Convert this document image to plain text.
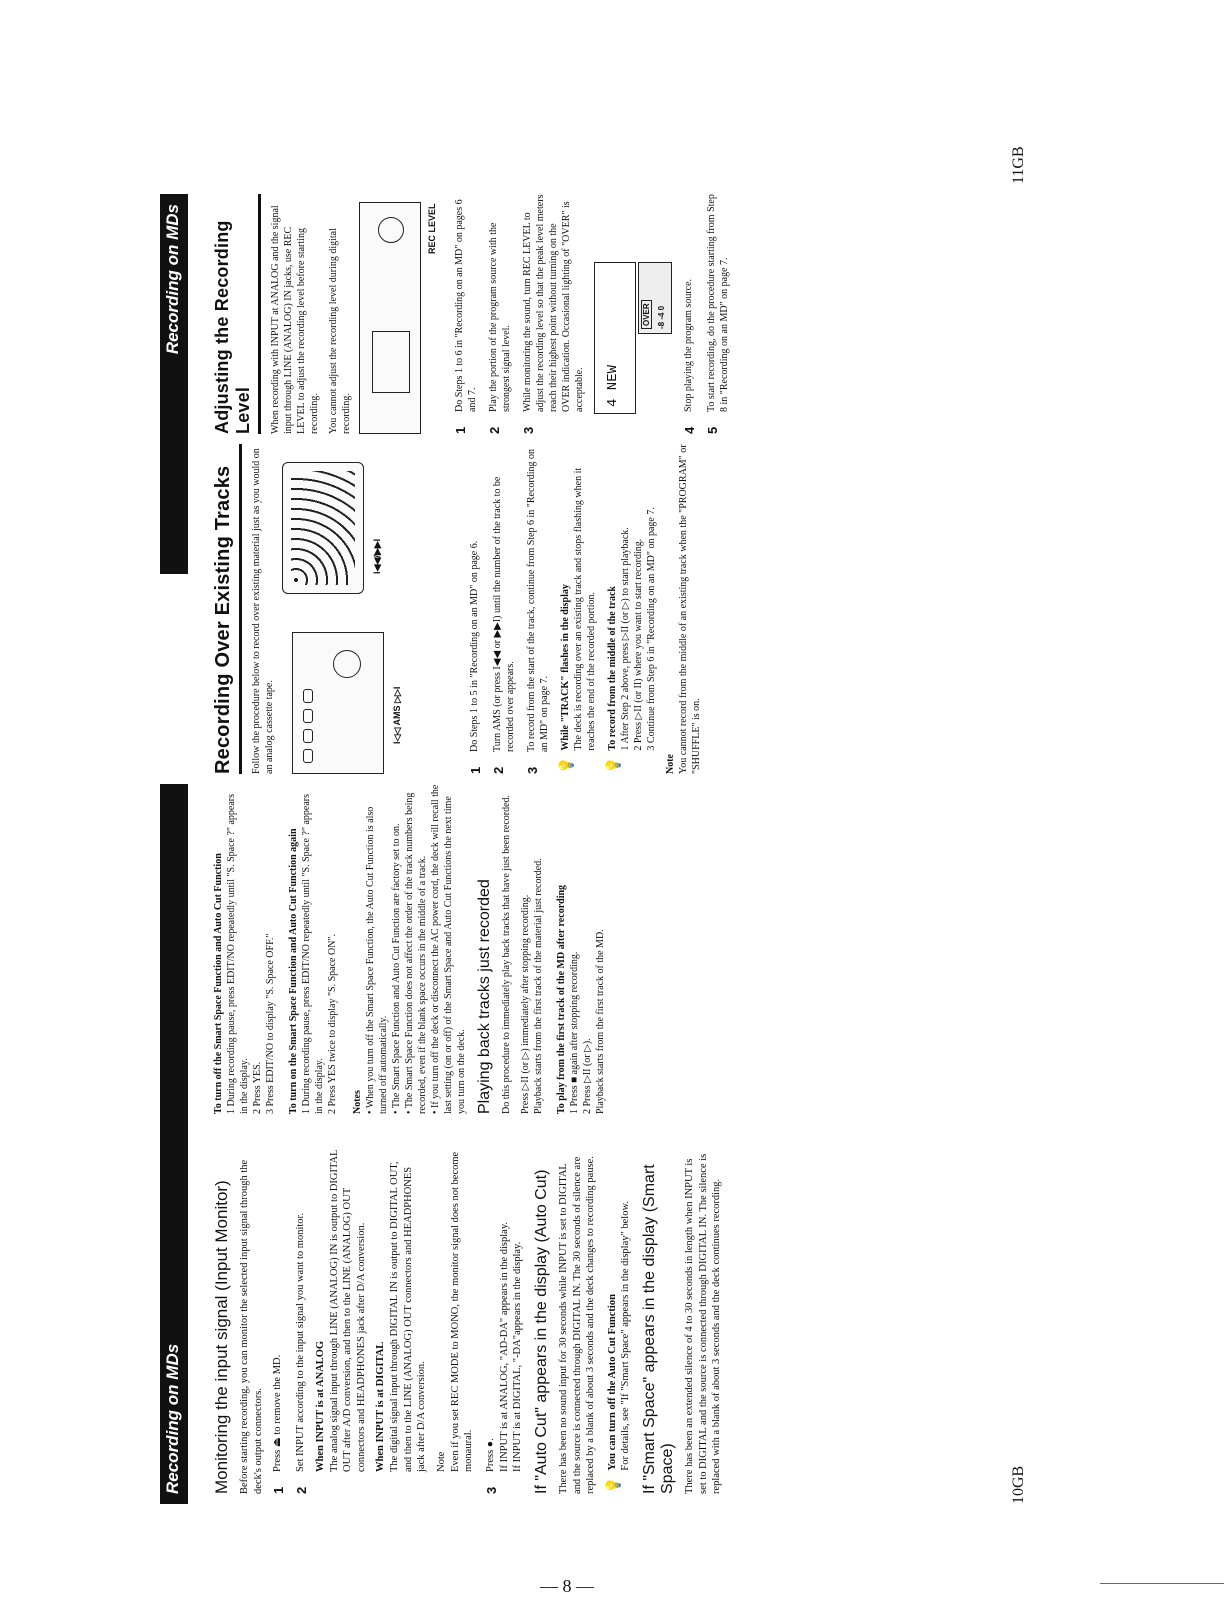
Recording on MDs
Recording on MDs
10GB
11GB
Monitoring the input signal (Input Monitor) Before starting recording, you can monitor the selected input signal through the deck's output connectors. 1
Press ⏏ to remove the MD.
2
Set INPUT according to the input signal you want to monitor. When INPUT is at ANALOG The analog signal input through LINE (ANALOG) IN is output to DIGITAL OUT after A/D conversion, and then to the LINE (ANALOG) OUT connectors and HEADPHONES jack after D/A conversion. When INPUT is at DIGITAL The digital signal input through DIGITAL IN is output to DIGITAL OUT, and then to the LINE (ANALOG) OUT connectors and HEADPHONES jack after D/A conversion. Note Even if you set REC MODE to MONO, the monitor signal does not become monaural.
3
Press ●. If INPUT is at ANALOG, "AD-DA" appears in the display. If INPUT is at DIGITAL, "-DA"appears in the display. If "Auto Cut" appears in the display (Auto Cut) There has been no sound input for 30 seconds while INPUT is set to DIGITAL and the source is connected through DIGITAL IN. The 30 seconds of silence are replaced by a blank of about 3 seconds and the deck changes to recording pause. 💡
You can turn off the Auto Cut Function For details, see "If "Smart Space" appears in the display" below. If "Smart Space" appears in the display (Smart Space) There has been an extended silence of 4 to 30 seconds in length when INPUT is set to DIGITAL and the source is connected through DIGITAL IN. The silence is replaced with a blank of about 3 seconds and the deck continues recording.

To turn off the Smart Space Function and Auto Cut Function 1 During recording pause, press EDIT/NO repeatedly until "S. Space ?" appears in the display. 2 Press YES. 3 Press EDIT/NO to display "S. Space OFF." To turn on the Smart Space Function and Auto Cut Function again 1 During recording pause, press EDIT/NO repeatedly until "S. Space ?" appears in the display. 2 Press YES twice to display "S. Space ON". Notes • When you turn off the Smart Space Function, the Auto Cut Function is also turned off automatically. • The Smart Space Function and Auto Cut Function are factory set to on. • The Smart Space Function does not affect the order of the track numbers being recorded, even if the blank space occurs in the middle of a track. • If you turn off the deck or disconnect the AC power cord, the deck will recall the last setting (on or off) of the Smart Space and Auto Cut Functions the next time you turn on the deck. Playing back tracks just recorded Do this procedure to immediately play back tracks that have just been recorded. Press ▷II (or ▷) immediately after stopping recording. Playback starts from the first track of the material just recorded. To play from the first track of the MD after recording 1 Press ■ again after stopping recording. 2 Press ▷II (or ▷). Playback starts from the first track of the MD.
Recording Over Existing Tracks	Follow the procedure below to record over existing material just as you would on an analog cassette tape.	I◁◁ AMS ▷▷I
I◀◀/▶▶I
1
Do Steps 1 to 5 in "Recording on an MD" on page 6.
2
Turn AMS (or press I◀◀ or ▶▶I) until the number of the track to be recorded over appears.
3
To record from the start of the track, continue from Step 6 in "Recording on an MD" on page 7.
💡
While "TRACK" flashes in the display The deck is recording over an existing track and stops flashing when it reaches the end of the recorded portion.
💡
To record from the middle of the track 1 After Step 2 above, press ▷II (or ▷) to start playback. 2 Press ▷II (or II) where you want to start recording. 3 Continue from Step 6 in "Recording on an MD" on page 7.
Note You cannot record from the middle of an existing track when the "PROGRAM" or "SHUFFLE" is on.
Adjusting the Recording Level	When recording with INPUT at ANALOG and the signal input through LINE (ANALOG) IN jacks, use REC LEVEL to adjust the recording level before starting recording. You cannot adjust the recording level during digital recording.

REC LEVEL
1
Do Steps 1 to 6 in "Recording on an MD" on pages 6 and 7.
2
Play the portion of the program source with the strongest signal level.
3
While monitoring the sound, turn REC LEVEL to adjust the recording level so that the peak level meters reach their highest point without turning on the OVER indication. Occasional lighting of "OVER" is acceptable. 4 NEW
OVER -8 -4 0
4
Stop playing the program source.
5
To start recording, do the procedure starting from Step 8 in "Recording on an MD" on page 7.
— 8 —
